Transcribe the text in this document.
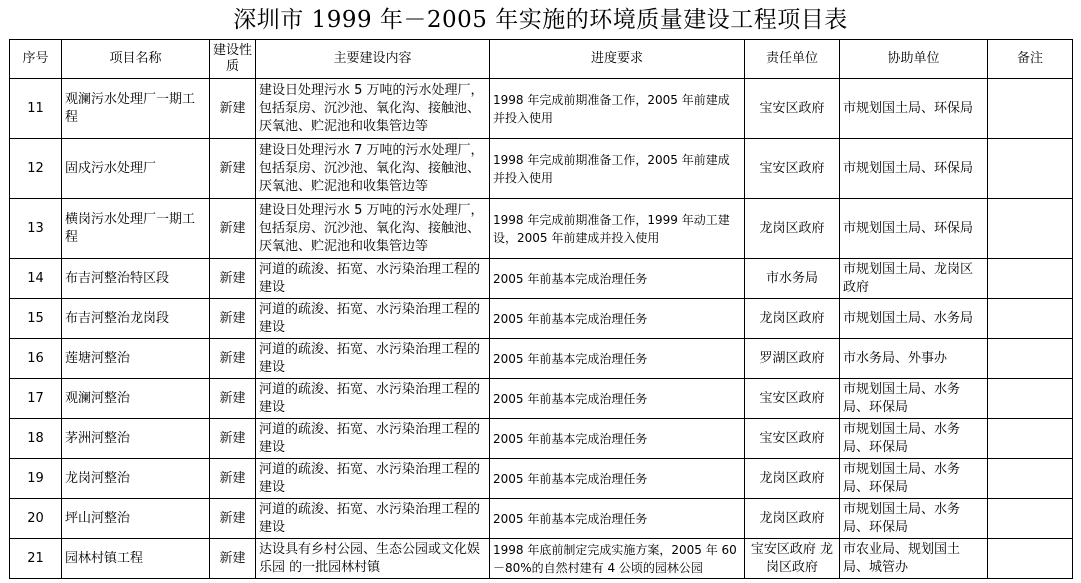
深圳市 1999 年－2005 年实施的环境质量建设工程项目表
序号	项目名称	建设性质	主要建设内容	进度要求	责任单位	协助单位	备注
11	观澜污水处理厂一期工程	新建	建设日处理污水 5 万吨的污水处理厂，包括泵房、沉沙池、氧化沟、接触池、厌氧池、贮泥池和收集管边等	1998 年完成前期准备工作，2005 年前建成并投入使用	宝安区政府	市规划国土局、环保局	
12	固戍污水处理厂	新建	建设日处理污水 7 万吨的污水处理厂，包括泵房、沉沙池、氧化沟、接触池、厌氧池、贮泥池和收集管边等	1998 年完成前期准备工作，2005 年前建成并投入使用	宝安区政府	市规划国土局、环保局	
13	横岗污水处理厂一期工程	新建	建设日处理污水 5 万吨的污水处理厂，包括泵房、沉沙池、氧化沟、接触池、厌氧池、贮泥池和收集管边等	1998 年完成前期准备工作，1999 年动工建设，2005 年前建成并投入使用	龙岗区政府	市规划国土局、环保局	
14	布吉河整治特区段	新建	河道的疏浚、拓宽、水污染治理工程的建设	2005 年前基本完成治理任务	市水务局	市规划国土局、龙岗区政府	
15	布吉河整治龙岗段	新建	河道的疏浚、拓宽、水污染治理工程的建设	2005 年前基本完成治理任务	龙岗区政府	市规划国土局、水务局	
16	莲塘河整治	新建	河道的疏浚、拓宽、水污染治理工程的建设	2005 年前基本完成治理任务	罗湖区政府	市水务局、外事办	
17	观澜河整治	新建	河道的疏浚、拓宽、水污染治理工程的建设	2005 年前基本完成治理任务	宝安区政府	市规划国土局、水务局、环保局	
18	茅洲河整治	新建	河道的疏浚、拓宽、水污染治理工程的建设	2005 年前基本完成治理任务	宝安区政府	市规划国土局、水务局、环保局	
19	龙岗河整治	新建	河道的疏浚、拓宽、水污染治理工程的建设	2005 年前基本完成治理任务	龙岗区政府	市规划国土局、水务局、环保局	
20	坪山河整治	新建	河道的疏浚、拓宽、水污染治理工程的建设	2005 年前基本完成治理任务	龙岗区政府	市规划国土局、水务局、环保局	
21	园林村镇工程	新建	达设具有乡村公园、生态公园或文化娱乐园 的一批园林村镇	1998 年底前制定完成实施方案，2005 年 60－80%的自然村建有 4 公顷的园林公园	宝安区政府 龙岗区政府	市农业局、规划国土局、城管办	
